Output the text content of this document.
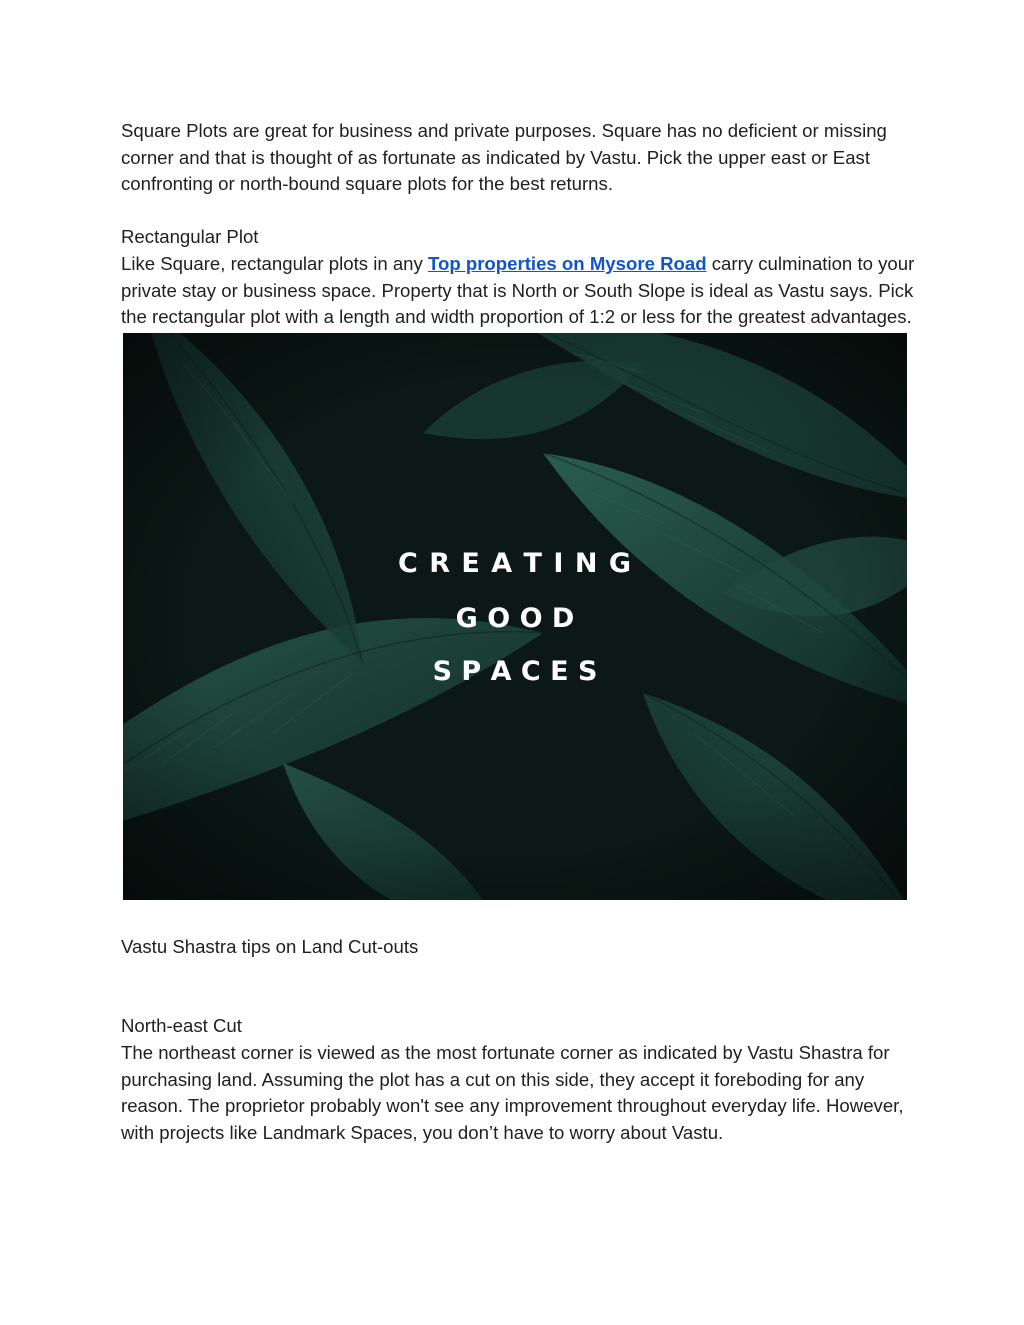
Square Plots are great for business and private purposes. Square has no deficient or missing corner and that is thought of as fortunate as indicated by Vastu. Pick the upper east or East confronting or north-bound square plots for the best returns.

Rectangular Plot

Like Square, rectangular plots in any Top properties on Mysore Road carry culmination to your private stay or business space. Property that is North or South Slope is ideal as Vastu says. Pick the rectangular plot with a length and width proportion of 1:2 or less for the greatest advantages.

C R E A T I N G
G O O D
S P A C E S

Vastu Shastra tips on Land Cut-outs

North-east Cut

The northeast corner is viewed as the most fortunate corner as indicated by Vastu Shastra for purchasing land. Assuming the plot has a cut on this side, they accept it foreboding for any reason. The proprietor probably won't see any improvement throughout everyday life. However, with projects like Landmark Spaces, you don’t have to worry about Vastu.
